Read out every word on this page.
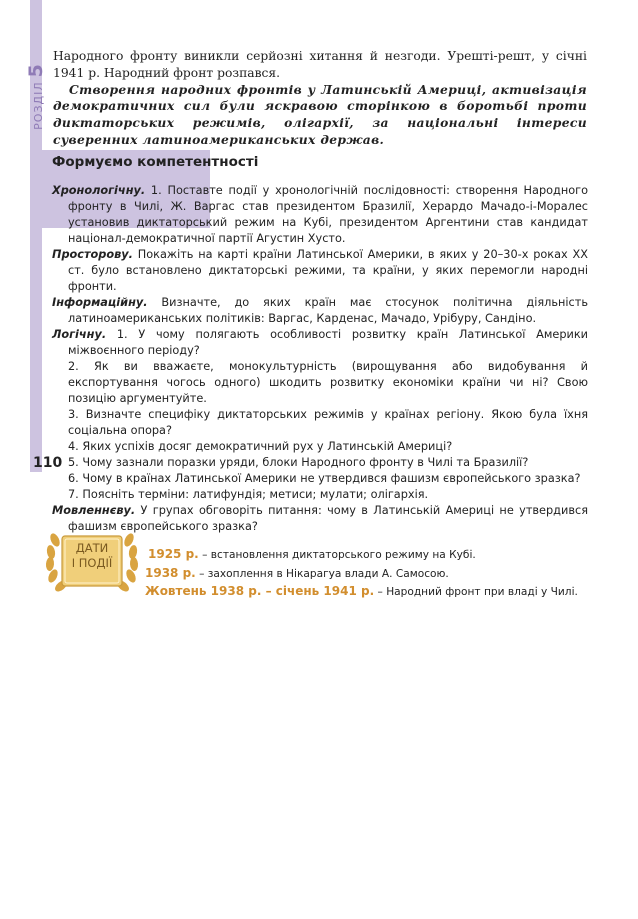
РОЗДІЛ5
110

Народного фронту виникли серйозні хитання й незгоди. Урешті-решт, у січні 1941 р. Народний фронт розпався.

Створення народних фронтів у Латинській Америці, активізація демократичних сил були яскравою сторінкою в боротьбі проти диктаторських режимів, олігархії, за національні інтереси суверенних латиноамериканських держав.

Формуємо компетентності

Хронологічну. 1. Поставте події у хронологічній послідовності: створення Народного фронту в Чилі, Ж. Варгас став президентом Бразилії, Херардо Мачадо-і-Моралес установив диктаторський режим на Кубі, президентом Аргентини став кандидат націонал-демократичної партії Агустин Хусто.

Просторову. Покажіть на карті країни Латинської Америки, в яких у 20–30-х роках XX ст. було встановлено диктаторські режими, та країни, у яких перемогли народні фронти.

Інформаційну. Визначте, до яких країн має стосунок політична діяльність латиноамериканських політиків: Варгас, Карденас, Мачадо, Урібуру, Сандіно.

Логічну. 1. У чому полягають особливості розвитку країн Латинської Америки міжвоєнного періоду?

2. Як ви вважаєте, монокультурність (вирощування або видобування й експортування чогось одного) шкодить розвитку економіки країни чи ні? Свою позицію аргументуйте.

3. Визначте специфіку диктаторських режимів у країнах регіону. Якою була їхня соціальна опора?

4. Яких успіхів досяг демократичний рух у Латинській Америці?

5. Чому зазнали поразки уряди, блоки Народного фронту в Чилі та Бразилії?

6. Чому в країнах Латинської Америки не утвердився фашизм європейського зразка?

7. Поясніть терміни: латифундія; метиси; мулати; олігархія.

Мовленнєву. У групах обговоріть питання: чому в Латинській Америці не утвердився фашизм європейського зразка?

ДАТИ
І ПОДІЇ
1925 р. – встановлення диктаторського режиму на Кубі.
1938 р. – захоплення в Нікарагуа влади А. Самосою.
Жовтень 1938 р. – січень 1941 р. – Народний фронт при владі у Чилі.
